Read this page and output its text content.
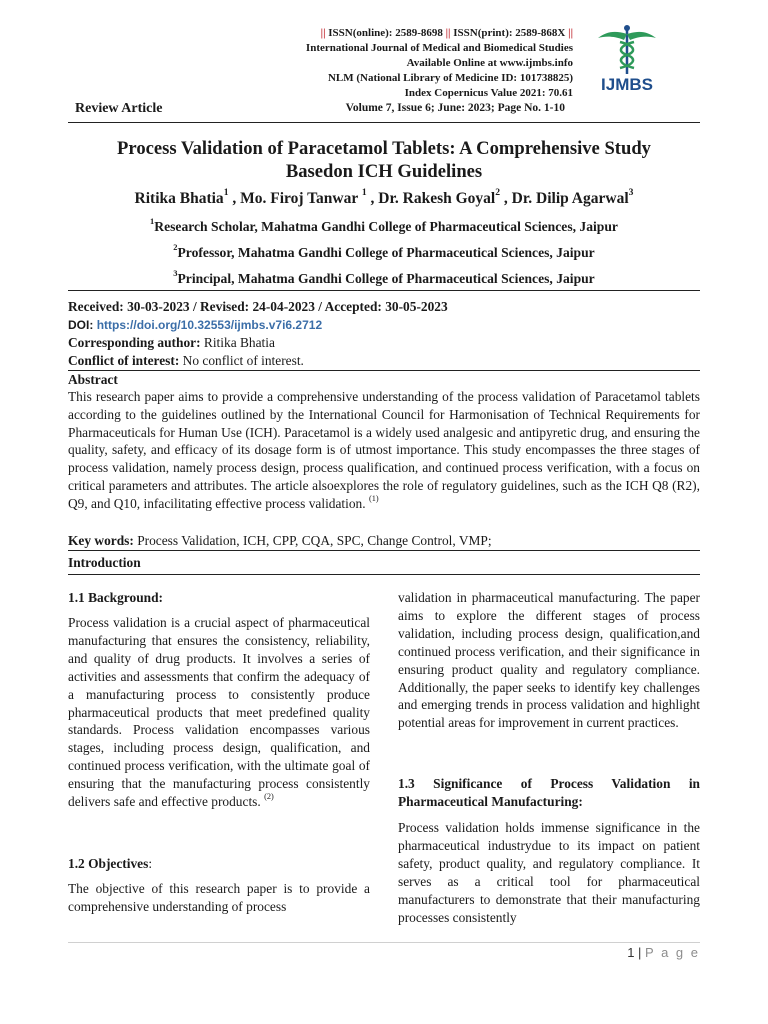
|| ISSN(online): 2589-8698 || ISSN(print): 2589-868X ||
International Journal of Medical and Biomedical Studies
Available Online at www.ijmbs.info
NLM (National Library of Medicine ID: 101738825)
Index Copernicus Value 2021: 70.61 IJMBS
Review Article	Volume 7, Issue 6; June: 2023; Page No. 1-10
Process Validation of Paracetamol Tablets: A Comprehensive Study
Basedon ICH Guidelines
Ritika Bhatia$^1$ , Mo. Firoj Tanwar $^1$ , Dr. Rakesh Goyal$^2$ , Dr. Dilip Agarwal$^3$
$^1$Research Scholar, Mahatma Gandhi College of Pharmaceutical Sciences, Jaipur
$^2$Professor, Mahatma Gandhi College of Pharmaceutical Sciences, Jaipur
$^3$Principal, Mahatma Gandhi College of Pharmaceutical Sciences, Jaipur
Received: 30-03-2023 / Revised: 24-04-2023 / Accepted: 30-05-2023
DOI: https://doi.org/10.32553/ijmbs.v7i6.2712
Corresponding author: Ritika Bhatia
Conflict of interest: No conflict of interest.
Abstract
This research paper aims to provide a comprehensive understanding of the process validation of Paracetamol tablets according to the guidelines outlined by the International Council for Harmonisation of Technical Requirements for Pharmaceuticals for Human Use (ICH). Paracetamol is a widely used analgesic and antipyretic drug, and ensuring the quality, safety, and efficacy of its dosage form is of utmost importance. This study encompasses the three stages of process validation, namely process design, process qualification, and continued process verification, with a focus on critical parameters and attributes. The article alsoexplores the role of regulatory guidelines, such as the ICH Q8 (R2), Q9, and Q10, infacilitating effective process validation. $^{(1)}$
Key words: Process Validation, ICH, CPP, CQA, SPC, Change Control, VMP;
Introduction
1.1 Background:
Process validation is a crucial aspect of pharmaceutical manufacturing that ensures the consistency, reliability, and quality of drug products. It involves a series of activities and assessments that confirm the adequacy of a manufacturing process to consistently produce pharmaceutical products that meet predefined quality standards. Process validation encompasses various stages, including process design, qualification, and continued process verification, with the ultimate goal of ensuring that the manufacturing process consistently delivers safe and effective products. $^{(2)}$
1.2 Objectives:
The objective of this research paper is to provide a comprehensive understanding of process
validation in pharmaceutical manufacturing. The paper aims to explore the different stages of process validation, including process design, qualification,and continued process verification, and their significance in ensuring product quality and regulatory compliance. Additionally, the paper seeks to identify key challenges and emerging trends in process validation and highlight potential areas for improvement in current practices.
1.3 Significance of Process Validation in Pharmaceutical Manufacturing:
Process validation holds immense significance in the pharmaceutical industrydue to its impact on patient safety, product quality, and regulatory compliance. It serves as a critical tool for pharmaceutical manufacturers to demonstrate that their manufacturing processes consistently
1 | P a g e
